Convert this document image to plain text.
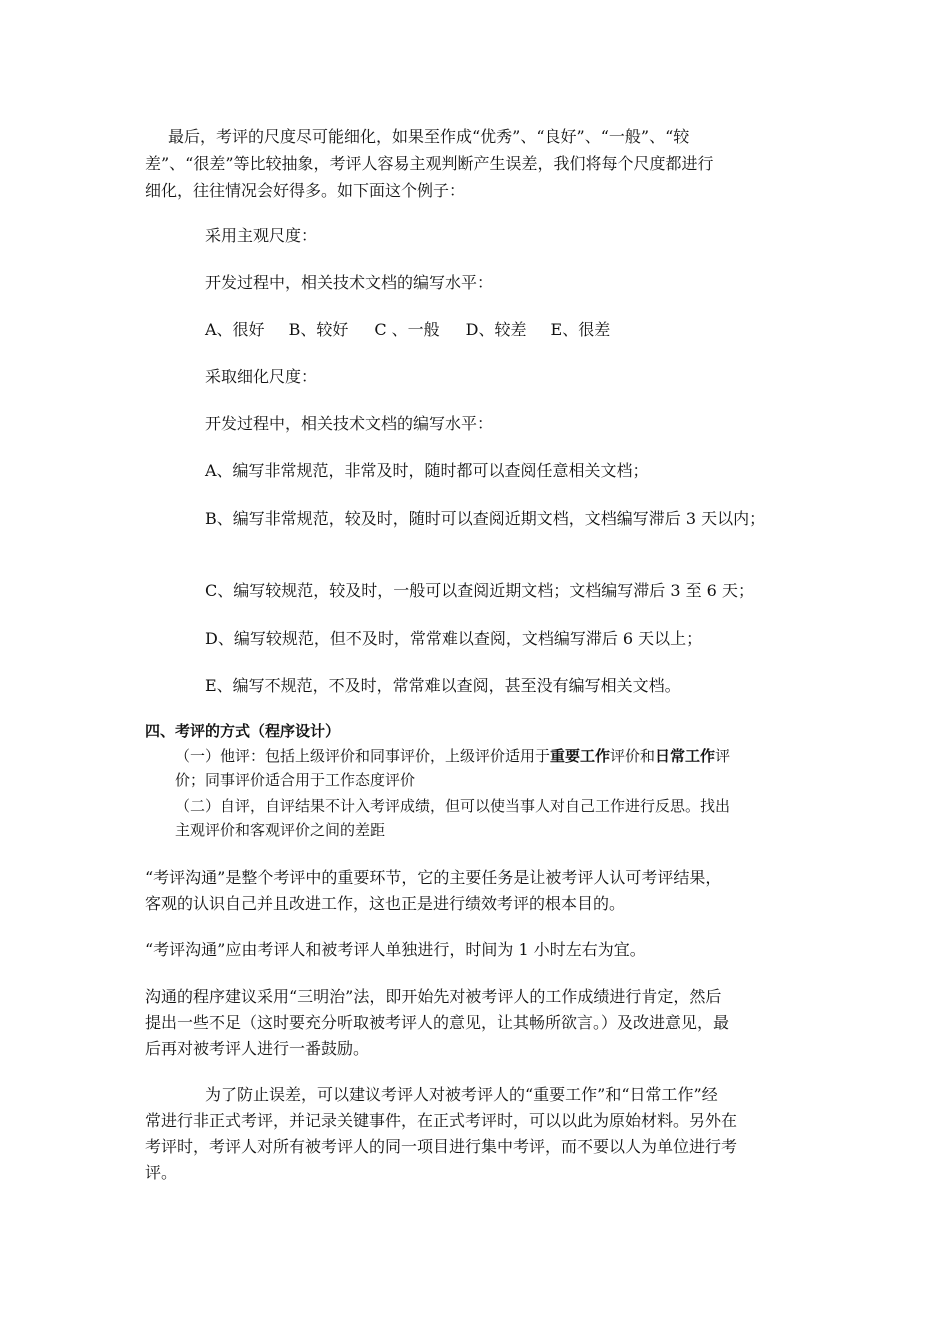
最后，考评的尺度尽可能细化，如果至作成“优秀”、“良好”、“一般”、“较
差”、“很差”等比较抽象，考评人容易主观判断产生误差，我们将每个尺度都进行
细化，往往情况会好得多。如下面这个例子：
采用主观尺度：
开发过程中，相关技术文档的编写水平：
A、很好 B、较好 C 、一般 D、较差 E、很差
采取细化尺度：
开发过程中，相关技术文档的编写水平：
A、编写非常规范，非常及时，随时都可以查阅任意相关文档；
B、编写非常规范，较及时，随时可以查阅近期文档，文档编写滞后 3 天以内；
C、编写较规范，较及时，一般可以查阅近期文档；文档编写滞后 3 至 6 天；
D、编写较规范，但不及时，常常难以查阅，文档编写滞后 6 天以上；
E、编写不规范，不及时，常常难以查阅，甚至没有编写相关文档。
四、考评的方式（程序设计）
（一）他评：包括上级评价和同事评价，上级评价适用于重要工作评价和日常工作评
价；同事评价适合用于工作态度评价
（二）自评，自评结果不计入考评成绩，但可以使当事人对自己工作进行反思。找出
主观评价和客观评价之间的差距
“考评沟通”是整个考评中的重要环节，它的主要任务是让被考评人认可考评结果，
客观的认识自己并且改进工作，这也正是进行绩效考评的根本目的。
“考评沟通”应由考评人和被考评人单独进行，时间为 1 小时左右为宜。
沟通的程序建议采用“三明治”法，即开始先对被考评人的工作成绩进行肯定，然后
提出一些不足（这时要充分听取被考评人的意见，让其畅所欲言。）及改进意见，最
后再对被考评人进行一番鼓励。
为了防止误差，可以建议考评人对被考评人的“重要工作”和“日常工作”经
常进行非正式考评，并记录关键事件，在正式考评时，可以以此为原始材料。另外在
考评时，考评人对所有被考评人的同一项目进行集中考评，而不要以人为单位进行考
评。
